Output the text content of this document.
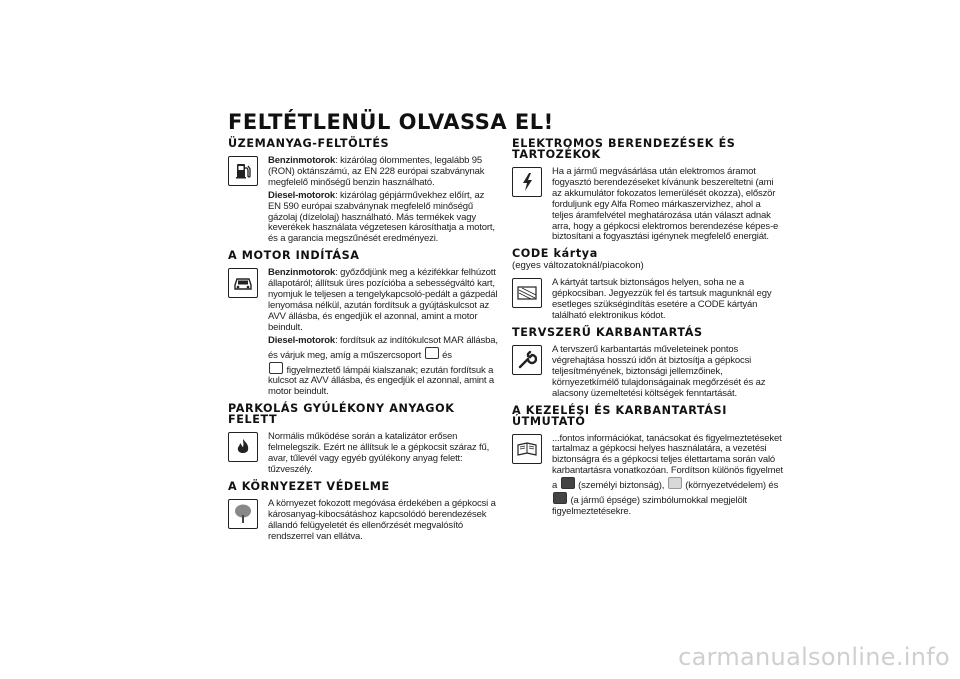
FELTÉTLENÜL OLVASSA EL!
ÜZEMANYAG-FELTÖLTÉS

Benzinmotorok: kizárólag ólommentes, legalább 95 (RON) oktánszámú, az EN 228 európai szabványnak megfelelő minőségű benzin használható.

Diesel-motorok: kizárólag gépjárművekhez előírt, az EN 590 európai szabványnak megfelelő minőségű gázolaj (dízelolaj) használható. Más termékek vagy keverékek használata végzetesen károsíthatja a motort, és a garancia megszűnését eredményezi.

A MOTOR INDÍTÁSA

Benzinmotorok: győződjünk meg a kézifékkar felhúzott állapotáról; állítsuk üres pozícióba a sebességváltó kart, nyomjuk le teljesen a tengelykapcsoló-pedált a gázpedál lenyomása nélkül, azután fordítsuk a gyújtáskulcsot az AVV állásba, és engedjük el azonnal, amint a motor beindult.

Diesel-motorok: fordítsuk az indítókulcsot MAR állásba, és várjuk meg, amíg a műszercsoport és
figyelmeztető lámpái kialszanak; ezután fordítsuk a kulcsot az AVV állásba, és engedjük el azonnal, amint a motor beindult.

PARKOLÁS GYÚLÉKONY ANYAGOK FELETT

Normális működése során a katalizátor erősen felmelegszik. Ezért ne állítsuk le a gépkocsit száraz fű, avar, tűlevél vagy egyéb gyúlékony anyag felett: tűzveszély.

A KÖRNYEZET VÉDELME

A környezet fokozott megóvása érdekében a gépkocsi a károsanyag-kibocsátáshoz kapcsolódó berendezések állandó felügyeletét és ellenőrzését megvalósító rendszerrel van ellátva.

ELEKTROMOS BERENDEZÉSEK ÉS TARTOZÉKOK

Ha a jármű megvásárlása után elektromos áramot fogyasztó berendezéseket kívánunk beszereltetni (ami az akkumulátor fokozatos lemerülését okozza), először forduljunk egy Alfa Romeo márkaszervizhez, ahol a teljes áramfelvétel meghatározása után választ adnak arra, hogy a gépkocsi elektromos berendezése képes-e biztosítani a fogyasztási igénynek megfelelő energiát.

CODE kártya
(egyes változatoknál/piacokon)

A kártyát tartsuk biztonságos helyen, soha ne a gépkocsiban. Jegyezzük fel és tartsuk magunknál egy esetleges szükségindítás esetére a CODE kártyán található elektronikus kódot.

TERVSZERŰ KARBANTARTÁS

A tervszerű karbantartás műveleteinek pontos végrehajtása hosszú időn át biztosítja a gépkocsi teljesítményének, biztonsági jellemzőinek, környezetkímélő tulajdonságainak megőrzését és az alacsony üzemeltetési költségek fenntartását.

A KEZELÉSI ÉS KARBANTARTÁSI ÚTMUTATÓ

...fontos információkat, tanácsokat és figyelmeztetéseket tartalmaz a gépkocsi helyes használatára, a vezetési biztonságra és a gépkocsi teljes élettartama során való karbantartásra vonatkozóan. Fordítson különös figyelmet a (személyi biztonság), (környezetvédelem) és  (a jármű épsége) szimbólumokkal megjelölt figyelmeztetésekre.

carmanualsonline.info
